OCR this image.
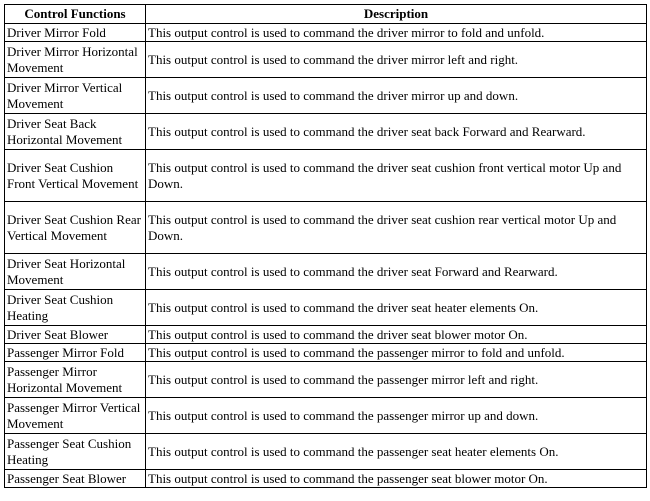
Control Functions	Description
Driver Mirror Fold	This output control is used to command the driver mirror to fold and unfold.
Driver Mirror Horizontal Movement	This output control is used to command the driver mirror left and right.
Driver Mirror Vertical Movement	This output control is used to command the driver mirror up and down.
Driver Seat Back Horizontal Movement	This output control is used to command the driver seat back Forward and Rearward.
Driver Seat Cushion Front Vertical Movement	This output control is used to command the driver seat cushion front vertical motor Up and Down.
Driver Seat Cushion Rear Vertical Movement	This output control is used to command the driver seat cushion rear vertical motor Up and Down.
Driver Seat Horizontal Movement	This output control is used to command the driver seat Forward and Rearward.
Driver Seat Cushion Heating	This output control is used to command the driver seat heater elements On.
Driver Seat Blower	This output control is used to command the driver seat blower motor On.
Passenger Mirror Fold	This output control is used to command the passenger mirror to fold and unfold.
Passenger Mirror Horizontal Movement	This output control is used to command the passenger mirror left and right.
Passenger Mirror Vertical Movement	This output control is used to command the passenger mirror up and down.
Passenger Seat Cushion Heating	This output control is used to command the passenger seat heater elements On.
Passenger Seat Blower	This output control is used to command the passenger seat blower motor On.
